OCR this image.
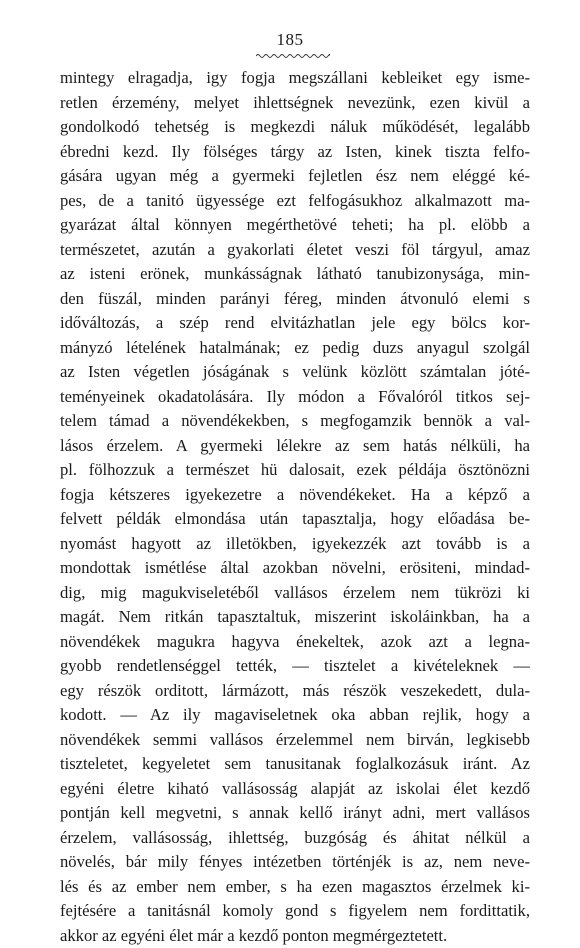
185
mintegy elragadja, igy fogja megszállani kebleiket egy isme-
retlen érzemény, melyet ihlettségnek nevezünk, ezen kivül a
gondolkodó tehetség is megkezdi náluk működését, legalább
ébredni kezd. Ily fölséges tárgy az Isten, kinek tiszta felfo-
gására ugyan még a gyermeki fejletlen ész nem eléggé ké-
pes, de a tanitó ügyessége ezt felfogásukhoz alkalmazott ma-
gyarázat által könnyen megérthetövé teheti; ha pl. elöbb a
természetet, azután a gyakorlati életet veszi föl tárgyul, amaz
az isteni erönek, munkásságnak látható tanubizonysága, min-
den füszál, minden parányi féreg, minden átvonuló elemi s
időváltozás, a szép rend elvitázhatlan jele egy bölcs kor-
mányzó lételének hatalmának; ez pedig duzs anyagul szolgál
az Isten végetlen jóságának s velünk közlött számtalan jóté-
teményeinek okadatolására. Ily módon a Fővalóról titkos sej-
telem támad a növendékekben, s megfogamzik bennök a val-
lásos érzelem. A gyermeki lélekre az sem hatás nélküli, ha
pl. fölhozzuk a természet hü dalosait, ezek példája ösztönözni
fogja kétszeres igyekezetre a növendékeket. Ha a képző a
felvett példák elmondása után tapasztalja, hogy előadása be-
nyomást hagyott az illetökben, igyekezzék azt tovább is a
mondottak ismétlése által azokban növelni, erösiteni, mindad-
dig, mig magukviseletéből vallásos érzelem nem tükrözi ki
magát. Nem ritkán tapasztaltuk, miszerint iskoláinkban, ha a
növendékek magukra hagyva énekeltek, azok azt a legna-
gyobb rendetlenséggel tették, — tisztelet a kivételeknek —
egy részök orditott, lármázott, más részök veszekedett, dula-
kodott. — Az ily magaviseletnek oka abban rejlik, hogy a
növendékek semmi vallásos érzelemmel nem birván, legkisebb
tiszteletet, kegyeletet sem tanusitanak foglalkozásuk iránt. Az
egyéni életre kiható vallásosság alapját az iskolai élet kezdő
pontján kell megvetni, s annak kellő irányt adni, mert vallásos
érzelem, vallásosság, ihlettség, buzgóság és áhitat nélkül a
növelés, bár mily fényes intézetben történjék is az, nem neve-
lés és az ember nem ember, s ha ezen magasztos érzelmek ki-
fejtésére a tanitásnál komoly gond s figyelem nem fordittatik,
akkor az egyéni élet már a kezdő ponton megmérgeztetett.
